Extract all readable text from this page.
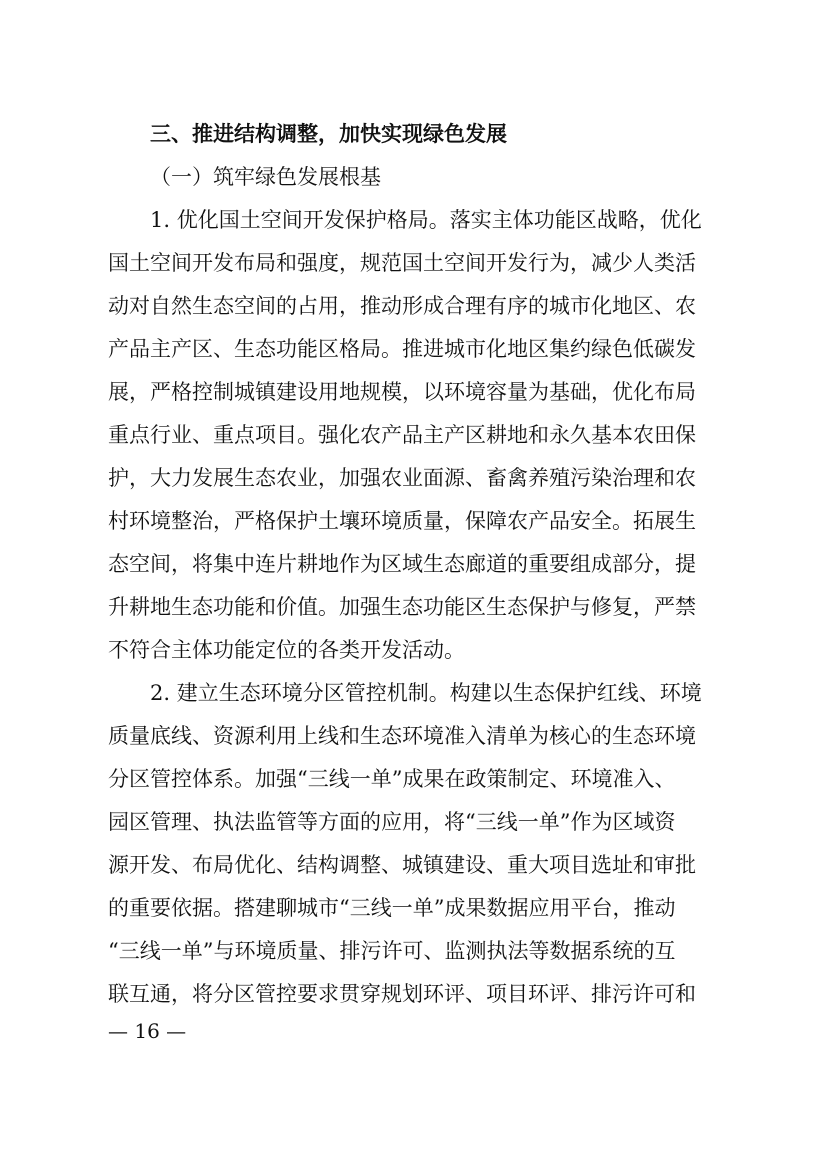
三、推进结构调整，加快实现绿色发展
（一）筑牢绿色发展根基
1. 优化国土空间开发保护格局。落实主体功能区战略，优化
国土空间开发布局和强度，规范国土空间开发行为，减少人类活
动对自然生态空间的占用，推动形成合理有序的城市化地区、农
产品主产区、生态功能区格局。推进城市化地区集约绿色低碳发
展，严格控制城镇建设用地规模，以环境容量为基础，优化布局
重点行业、重点项目。强化农产品主产区耕地和永久基本农田保
护，大力发展生态农业，加强农业面源、畜禽养殖污染治理和农
村环境整治，严格保护土壤环境质量，保障农产品安全。拓展生
态空间，将集中连片耕地作为区域生态廊道的重要组成部分，提
升耕地生态功能和价值。加强生态功能区生态保护与修复，严禁
不符合主体功能定位的各类开发活动。
2. 建立生态环境分区管控机制。构建以生态保护红线、环境
质量底线、资源利用上线和生态环境准入清单为核心的生态环境
分区管控体系。加强“三线一单”成果在政策制定、环境准入、
园区管理、执法监管等方面的应用，将“三线一单”作为区域资
源开发、布局优化、结构调整、城镇建设、重大项目选址和审批
的重要依据。搭建聊城市“三线一单”成果数据应用平台，推动
“三线一单”与环境质量、排污许可、监测执法等数据系统的互
联互通，将分区管控要求贯穿规划环评、项目环评、排污许可和
— 16 —
